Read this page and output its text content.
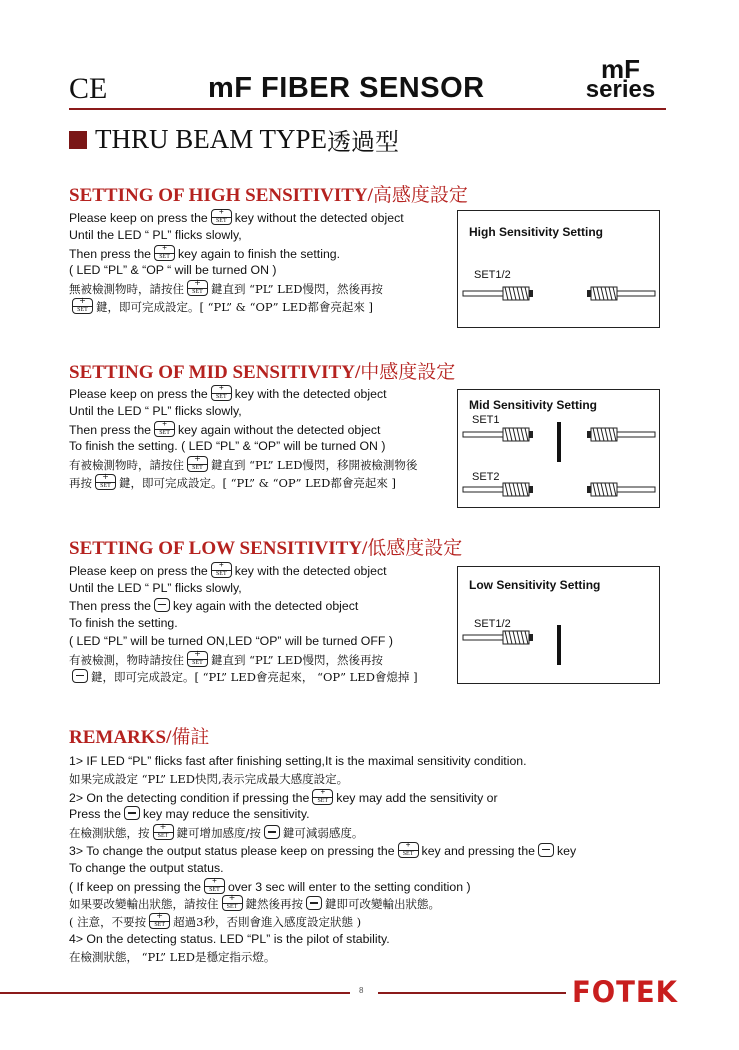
CE	mF FIBER SENSOR
mF
series
THRU BEAM TYPE 透過型
SETTING OF HIGH SENSITIVITY/高感度設定
Please keep on press the + SET key without the detected object
Until the LED “ PL” flicks slowly,
Then press the + SET key again to finish the setting.
( LED “PL” & “OP “ will be turned ON )
無被檢測物時，請按住 + SET 鍵直到 “PL” LED慢閃，然後再按
+ SET鍵，即可完成設定。[ “PL” & “OP” LED都會亮起來 ]
High Sensitivity Setting
SET1/2
SETTING OF MID SENSITIVITY/中感度設定
Please keep on press the + SET key with the detected object
Until the LED “ PL” flicks slowly,
Then press the + SET key again without the detected object
To finish the setting. ( LED “PL” & “OP” will be turned ON )
有被檢測物時，請按住 + SET 鍵直到 “PL” LED慢閃，移開被檢測物後
再按 + SET 鍵，即可完成設定。[ “PL” & “OP” LED都會亮起來 ]
Mid Sensitivity Setting
SET1
SET2
SETTING OF LOW SENSITIVITY/低感度設定
Please keep on press the + SET key with the detected object
Until the LED “ PL” flicks slowly,
Then press the key again with the detected object
To finish the setting.
( LED “PL” will be turned ON,LED “OP” will be turned OFF )
有被檢測，物時請按住 + SET 鍵直到 “PL” LED慢閃，然後再按
鍵，即可完成設定。[ “PL” LED會亮起來， “OP” LED會熄掉 ]
Low Sensitivity Setting
SET1/2
REMARKS/備註
1> IF LED “PL” flicks fast after finishing setting,It is the maximal sensitivity condition.
如果完成設定 “PL” LED快閃,表示完成最大感度設定。
2> On the detecting condition if pressing the + SET key may add the sensitivity or
Press the key may reduce the sensitivity.
在檢測狀態，按 + SET 鍵可增加感度/按 鍵可減弱感度。
3> To change the output status please keep on pressing the + SET key and pressing the key
To change the output status.
( If keep on pressing the + SET over 3 sec will enter to the setting condition )
如果要改變輸出狀態，請按住 + SET 鍵然後再按 鍵即可改變輸出狀態。
( 注意，不要按 + SET 超過3秒，否則會進入感度設定狀態 )
4> On the detecting status. LED “PL” is the pilot of stability.
在檢測狀態， “PL” LED是穩定指示燈。
8	FOTEK
